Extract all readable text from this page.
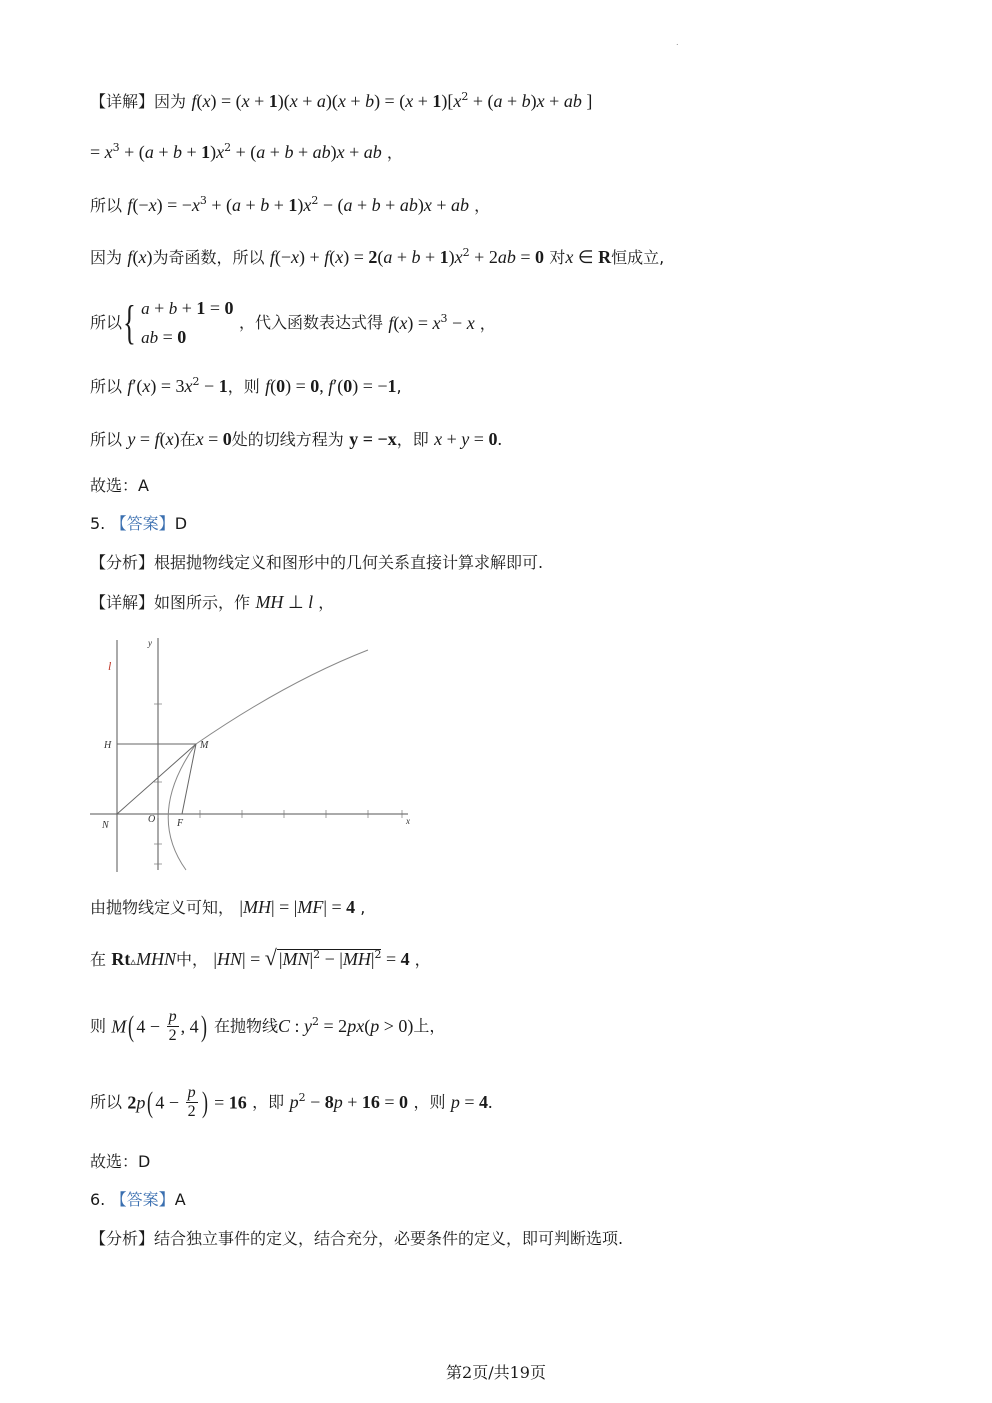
.
【详解】因为 $f(x) = (x + 1)(x + a)(x + b) = (x + 1)[x^2 + (a + b)x$ + ab ]
= $x^3 + (a + b + 1)x^2 + (a + b + ab)x$ + ab ，
所以 $f(-x) = -x^3 + (a + b + 1)x^2 - (a + b + ab)x$ + ab ，
因为 f(x)为奇函数，所以 $f(-x) + f(x) = 2(a + b + 1)x^2 + 2ab = 0$ 对x ∈ R恒成立,
所以{ a + b + 1 = 0
ab = 0
，代入函数表达式得 $f(x) = x^3 - x$ ，
所以 $f'(x) = 3x^2 - 1$，则 f(0) = 0, f′(0) = −1,
所以 y = f(x)在x = 0处的切线方程为 y = −x，即 x + y = 0.
故选：A
5. 【答案】D
【分析】根据抛物线定义和图形中的几何关系直接计算求解即可.
【详解】如图所示，作 MH ⊥ l ，
l
y
x
H	M
N
O F
由抛物线定义可知， |MH| = |MF| = 4 ,
在 Rt▵MHN中， |HN| = √ $|MN|^2 - |MH|^2 = 4$ ，
则 M( $4 - \frac{p}{2}$ , 4) 在抛物线C : $y^2 = 2px(p > 0)$上，
所以 2p( $4 - \frac{p}{2}$ ) = 16 ，即 $p^2 - 8p + 16 = 0$ ，则 p = 4.
故选：D
6. 【答案】A
【分析】结合独立事件的定义，结合充分，必要条件的定义，即可判断选项.
第2页/共19页
